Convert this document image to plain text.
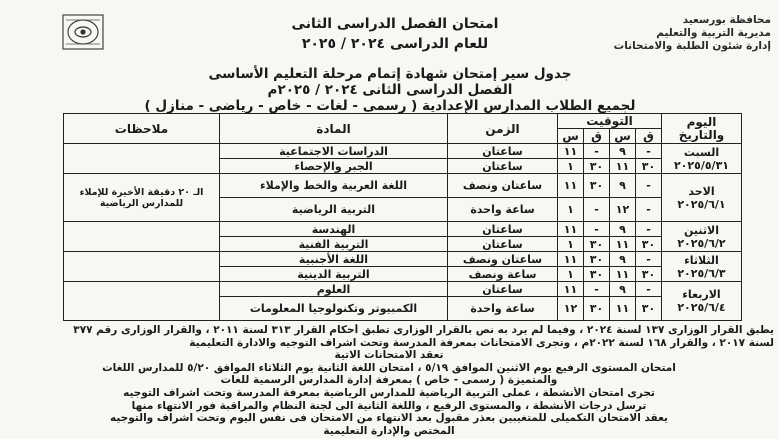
محافظة بورسعيد
مديرية التربية والتعليم
إدارة شئون الطلبة والامتحانات
امتحان الفصل الدراسى الثانى
للعام الدراسى ٢٠٢٤ / ٢٠٢٥
جدول سير إمتحان شهادة إتمام مرحلة التعليم الأساسى
الفصل الدراسى الثانى ٢٠٢٤ / ٢٠٢٥م
لجميع الطلاب المدارس الإعدادية ( رسمى - لغات - خاص - رياضى - منازل )
اليوم والتاريخ	التوقيت				الزمن	المادة	ملاحظات
	ق	س	ق	س			

السبت
٢٠٢٥/٥/٣١	-	٩	-	١١	ساعتان	الدراسات الاجتماعية	
	٣٠	١١	٣٠	١	ساعتان	الجبر والإحصاء	

الاحد
٢٠٢٥/٦/١	-	٩	٣٠	١١	ساعتان ونصف	اللغة العربية والخط والإملاء	الـ ٢٠ دقيقة الأخيرة للإملاء للمدارس الرياضية
	-	١٢	-	١	ساعة واحدة	التربية الرياضية	

الاثنين
٢٠٢٥/٦/٢	-	٩	-	١١	ساعتان	الهندسة	
	٣٠	١١	٣٠	١	ساعتان	التربية الفنية	

الثلاثاء
٢٠٢٥/٦/٣	-	٩	٣٠	١١	ساعتان ونصف	اللغة الأجنبية	
	٣٠	١١	٣٠	١	ساعة ونصف	التربية الدينية	

الاربعاء
٢٠٢٥/٦/٤	-	٩	-	١١	ساعتان	العلوم	
	٣٠	١١	٣٠	١٢	ساعة واحدة	الكمبيوتر وتكنولوجيا المعلومات	
يطبق القرار الوزارى ١٣٧ لسنة ٢٠٢٤ ، وفيما لم يرد به نص بالقرار الوزارى تطبق أحكام القرار ٣١٣ لسنة ٢٠١١ ، والقرار الوزارى رقم ٣٧٧
لسنة ٢٠١٧ ، والقرار ١٦٨ لسنة ٢٠٢٢م ، وتجرى الامتحانات بمعرفة المدرسة وتحت اشراف التوجيه والادارة التعليمية
تعقد الامتحانات الاتية
امتحان المستوى الرفيع يوم الاثنين الموافق ٥/١٩ ، امتحان اللغة الثانية يوم الثلاثاء الموافق ٥/٢٠ للمدارس اللغات
والمتميزة ( رسمى - خاص ) بمعرفة إدارة المدارس الرسمية للغات
تجرى امتحان الأنشطة ، عملى التربية الرياضية للمدارس الرياضية بمعرفة المدرسة وتحت اشراف التوجيه
ترسل درجات الأنشطة ، والمستوى الرفيع ، واللغة الثانية الى لجنة النظام والمراقبة فور الانتهاء منها
يعقد الامتحان التكميلى للمتغيبين بعذر مقبول بعد الانتهاء من الامتحان فى نفس اليوم وتحت اشراف والتوجيه
المختص والإدارة التعليمية
